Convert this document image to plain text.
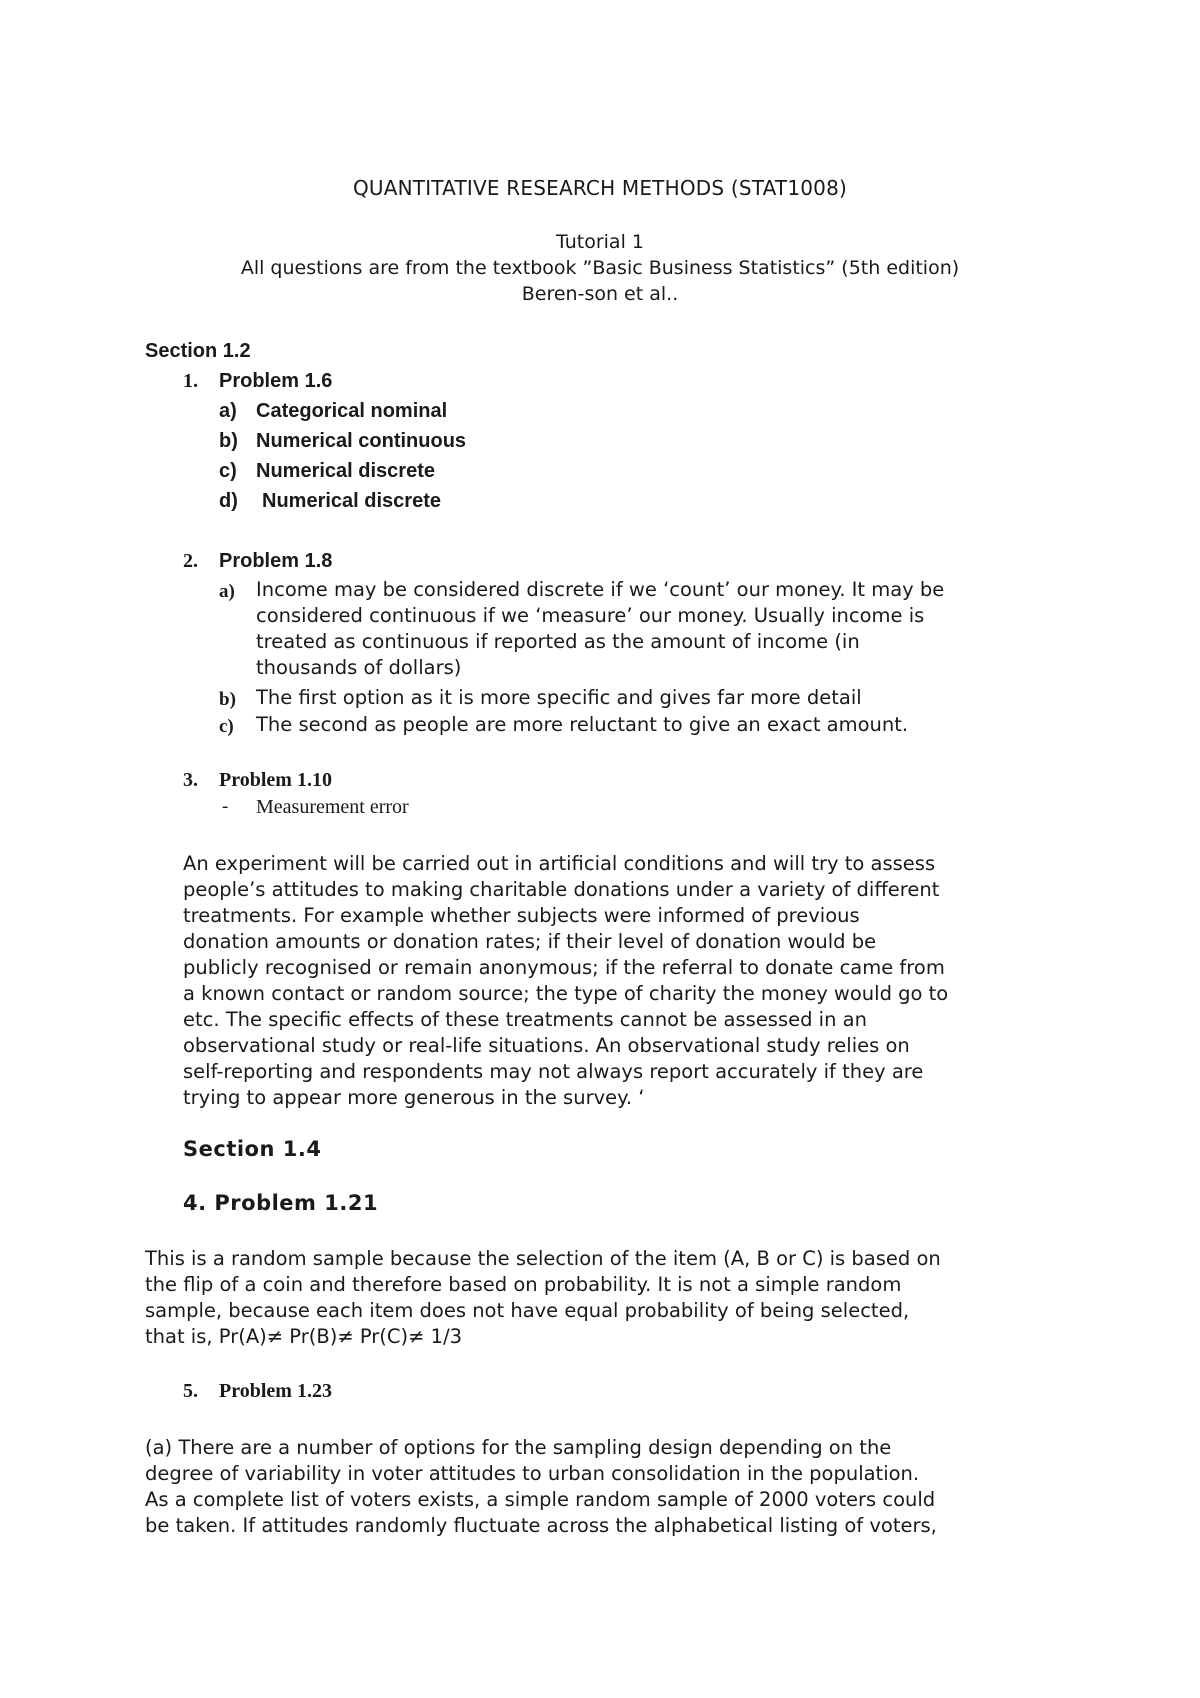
QUANTITATIVE RESEARCH METHODS (STAT1008)
Tutorial 1
All questions are from the textbook ”Basic Business Statistics” (5th edition)
Beren-son et al..
Section 1.2
1. Problem 1.6
a) Categorical nominal
b) Numerical continuous
c) Numerical discrete
d) Numerical discrete
2. Problem 1.8
a) Income may be considered discrete if we ‘count’ our money. It may be
considered continuous if we ‘measure’ our money. Usually income is
treated as continuous if reported as the amount of income (in
thousands of dollars)
b) The first option as it is more specific and gives far more detail
c) The second as people are more reluctant to give an exact amount.
3. Problem 1.10
- Measurement error
An experiment will be carried out in artificial conditions and will try to assess
people’s attitudes to making charitable donations under a variety of different
treatments. For example whether subjects were informed of previous
donation amounts or donation rates; if their level of donation would be
publicly recognised or remain anonymous; if the referral to donate came from
a known contact or random source; the type of charity the money would go to
etc. The specific effects of these treatments cannot be assessed in an
observational study or real-life situations. An observational study relies on
self-reporting and respondents may not always report accurately if they are
trying to appear more generous in the survey. ‘
Section 1.4
4. Problem 1.21
This is a random sample because the selection of the item (A, B or C) is based on
the flip of a coin and therefore based on probability. It is not a simple random
sample, because each item does not have equal probability of being selected,
that is, Pr(A)≠ Pr(B)≠ Pr(C)≠ 1/3
5. Problem 1.23
(a) There are a number of options for the sampling design depending on the
degree of variability in voter attitudes to urban consolidation in the population.
As a complete list of voters exists, a simple random sample of 2000 voters could
be taken. If attitudes randomly fluctuate across the alphabetical listing of voters,
